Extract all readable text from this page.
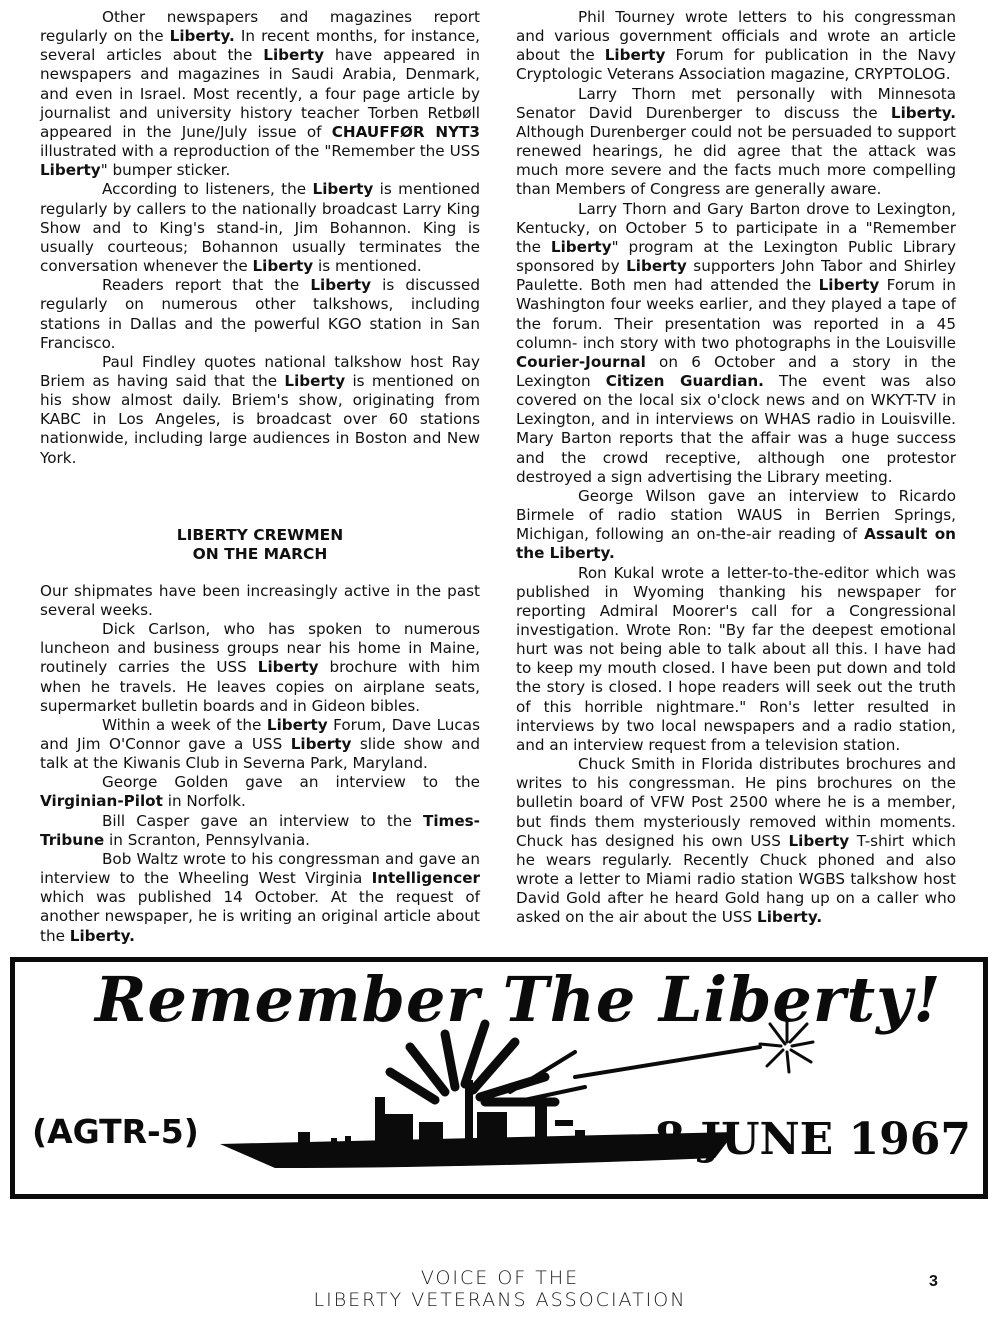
Other newspapers and magazines report regularly on the Liberty. In recent months, for instance, several articles about the Liberty have appeared in newspapers and magazines in Saudi Arabia, Denmark, and even in Israel. Most recently, a four page article by journalist and university history teacher Torben Retbøll appeared in the June/July issue of CHAUFFØR NYT3 illustrated with a reproduction of the "Remember the USS Liberty" bumper sticker.

According to listeners, the Liberty is mentioned regularly by callers to the nationally broadcast Larry King Show and to King's stand-in, Jim Bohannon. King is usually courteous; Bohannon usually terminates the conversation whenever the Liberty is mentioned.

Readers report that the Liberty is discussed regularly on numerous other talkshows, including stations in Dallas and the powerful KGO station in San Francisco.

Paul Findley quotes national talkshow host Ray Briem as having said that the Liberty is mentioned on his show almost daily. Briem's show, originating from KABC in Los Angeles, is broadcast over 60 stations nationwide, including large audiences in Boston and New York.

LIBERTY CREWMEN

ON THE MARCH

Our shipmates have been increasingly active in the past several weeks.

Dick Carlson, who has spoken to numerous luncheon and business groups near his home in Maine, routinely carries the USS Liberty brochure with him when he travels. He leaves copies on airplane seats, supermarket bulletin boards and in Gideon bibles.

Within a week of the Liberty Forum, Dave Lucas and Jim O'Connor gave a USS Liberty slide show and talk at the Kiwanis Club in Severna Park, Maryland.

George Golden gave an interview to the Virginian-Pilot in Norfolk.

Bill Casper gave an interview to the Times-Tribune in Scranton, Pennsylvania.

Bob Waltz wrote to his congressman and gave an interview to the Wheeling West Virginia Intelligencer which was published 14 October. At the request of another newspaper, he is writing an original article about the Liberty.

Phil Tourney wrote letters to his congressman and various government officials and wrote an article about the Liberty Forum for publication in the Navy Cryptologic Veterans Association magazine, CRYPTOLOG.

Larry Thorn met personally with Minnesota Senator David Durenberger to discuss the Liberty. Although Durenberger could not be persuaded to support renewed hearings, he did agree that the attack was much more severe and the facts much more compelling than Members of Congress are generally aware.

Larry Thorn and Gary Barton drove to Lexington, Kentucky, on October 5 to participate in a "Remember the Liberty" program at the Lexington Public Library sponsored by Liberty supporters John Tabor and Shirley Paulette. Both men had attended the Liberty Forum in Washington four weeks earlier, and they played a tape of the forum. Their presentation was reported in a 45 column- inch story with two photographs in the Louisville Courier-Journal on 6 October and a story in the Lexington Citizen Guardian. The event was also covered on the local six o'clock news and on WKYT-TV in Lexington, and in interviews on WHAS radio in Louisville. Mary Barton reports that the affair was a huge success and the crowd receptive, although one protestor destroyed a sign advertising the Library meeting.

George Wilson gave an interview to Ricardo Birmele of radio station WAUS in Berrien Springs, Michigan, following an on-the-air reading of Assault on the Liberty.

Ron Kukal wrote a letter-to-the-editor which was published in Wyoming thanking his newspaper for reporting Admiral Moorer's call for a Congressional investigation. Wrote Ron: "By far the deepest emotional hurt was not being able to talk about all this. I have had to keep my mouth closed. I have been put down and told the story is closed. I hope readers will seek out the truth of this horrible nightmare." Ron's letter resulted in interviews by two local newspapers and a radio station, and an interview request from a television station.

Chuck Smith in Florida distributes brochures and writes to his congressman. He pins brochures on the bulletin board of VFW Post 2500 where he is a member, but finds them mysteriously removed within moments. Chuck has designed his own USS Liberty T-shirt which he wears regularly. Recently Chuck phoned and also wrote a letter to Miami radio station WGBS talkshow host David Gold after he heard Gold hang up on a caller who asked on the air about the USS Liberty.

Remember The Liberty!
(AGTR-5)	8 JUNE 1967
VOICE OF THE
LIBERTY VETERANS ASSOCIATION
3
